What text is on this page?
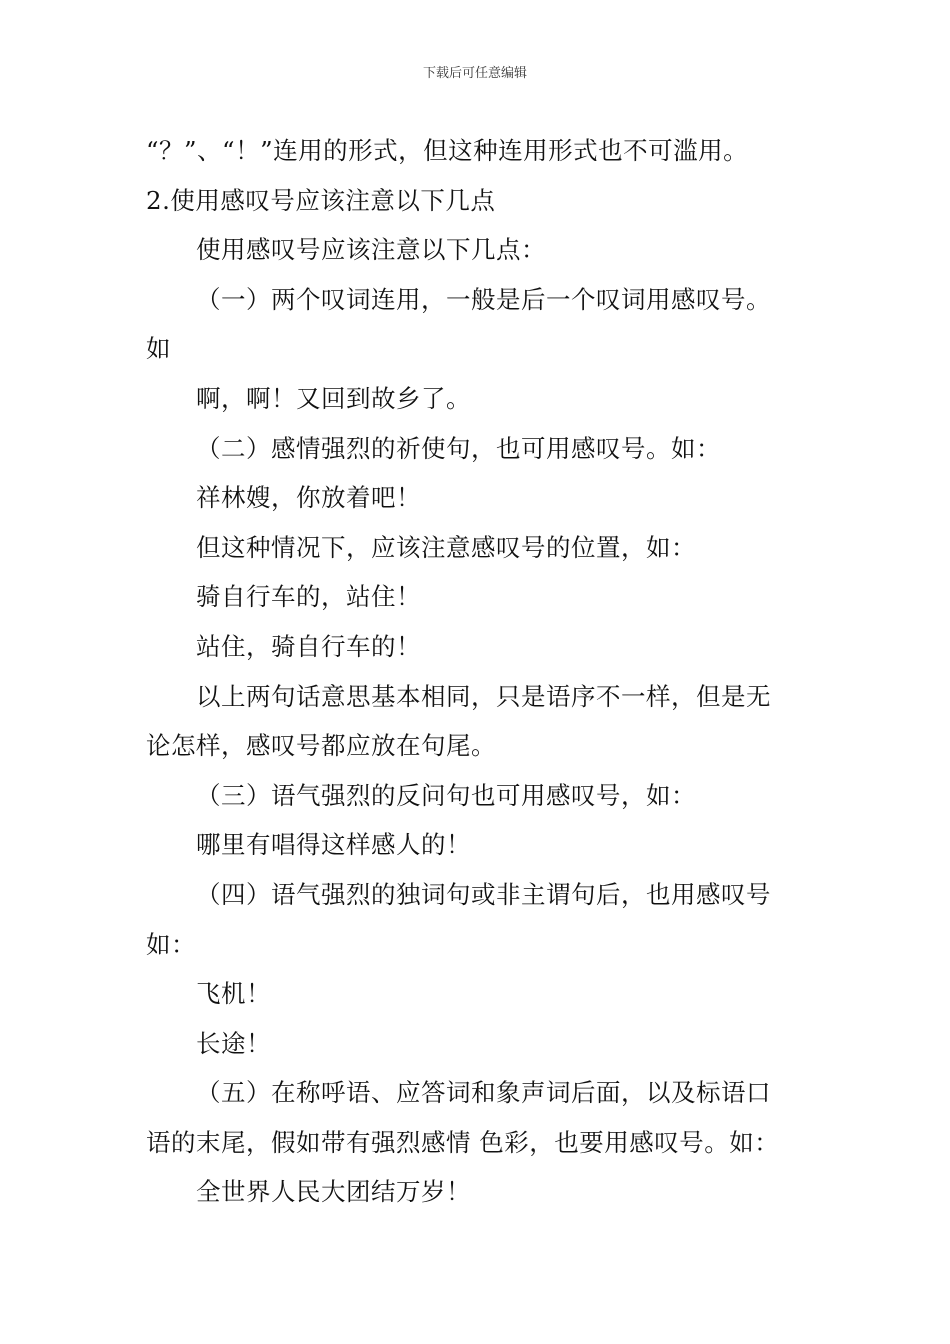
下载后可任意编辑
“？”、“！”连用的形式，但这种连用形式也不可滥用。
2.使用感叹号应该注意以下几点
使用感叹号应该注意以下几点：
（一）两个叹词连用，一般是后一个叹词用感叹号。
如
啊，啊！又回到故乡了。
（二）感情强烈的祈使句，也可用感叹号。如：
祥林嫂，你放着吧！
但这种情况下，应该注意感叹号的位置，如：
骑自行车的，站住！
站住，骑自行车的！
以上两句话意思基本相同，只是语序不一样，但是无
论怎样，感叹号都应放在句尾。
（三）语气强烈的反问句也可用感叹号，如：
哪里有唱得这样感人的！
（四）语气强烈的独词句或非主谓句后，也用感叹号
如：
飞机！
长途！
（五）在称呼语、应答词和象声词后面，以及标语口
语的末尾，假如带有强烈感情 色彩，也要用感叹号。如：
全世界人民大团结万岁！
